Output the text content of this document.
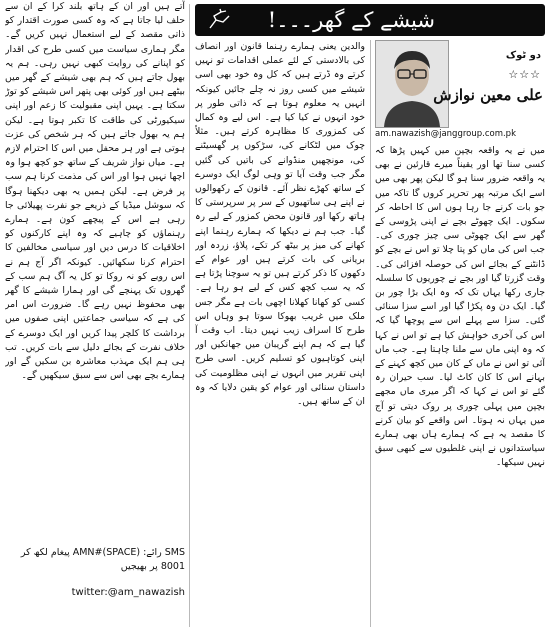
شیشے کے گھر۔۔۔!
دو ٹوک
☆☆☆
علی معین نوازش
am.nawazish@janggroup.com.pk

میں نے یہ واقعہ بچپن میں کہیں پڑھا کہ کسی سنا تھا اور یقیناً میرے قارئین نے بھی یہ واقعہ ضرور سنا ہو گا لیکن پھر بھی میں اسے ایک مرتبہ پھر تحریر کروں گا تاکہ میں جو بات کرنے جا رہا ہوں اس کا احاطہ کر سکوں۔ ایک چھوٹے بچے نے اپنی پڑوسی کے گھر سے ایک چھوٹی سی چیز چوری کی۔ جب اس کی ماں کو پتا چلا تو اس نے بچے کو ڈانٹنے کے بجائے اس کی حوصلہ افزائی کی۔ وقت گزرتا گیا اور بچے نے چوریوں کا سلسلہ جاری رکھا یہاں تک کہ وہ ایک بڑا چور بن گیا۔ ایک دن وہ پکڑا گیا اور اسے سزا سنائی گئی۔ سزا سے پہلے اس سے پوچھا گیا کہ اس کی آخری خواہش کیا ہے تو اس نے کہا کہ وہ اپنی ماں سے ملنا چاہتا ہے۔ جب ماں آئی تو اس نے ماں کے کان میں کچھ کہنے کے بہانے اس کا کان کاٹ لیا۔ سب حیران رہ گئے تو اس نے کہا کہ اگر میری ماں مجھے بچپن میں پہلی چوری پر روک دیتی تو آج میں یہاں نہ ہوتا۔ اس واقعے کو بیان کرنے کا مقصد یہ ہے کہ ہمارے ہاں بھی ہمارے سیاستدانوں نے اپنی غلطیوں سے کبھی سبق نہیں سیکھا۔

والدین یعنی ہمارے رہنما قانون اور انصاف کی بالادستی کے لئے عملی اقدامات تو نہیں کرتے وہ ڈرتے ہیں کہ کل وہ خود بھی اسی شیشے میں کسی روز نہ چلے جائیں کیونکہ انہیں یہ معلوم ہوتا ہے کہ ذاتی طور پر خود انہوں نے کیا کیا ہے۔ اس لیے وہ کمال کی کمزوری کا مظاہرہ کرتے ہیں۔ مثلاً چوک میں لٹکانے کی، سڑکوں پر گھسیٹنے کی، مونچھیں منڈوانے کی باتیں کی گئیں مگر جب وقت آیا تو وہی لوگ ایک دوسرے کے ساتھ کھڑے نظر آئے۔ قانون کے رکھوالوں نے اپنے ہی ساتھیوں کے سر پر سرپرستی کا ہاتھ رکھا اور قانون محض کمزور کے لیے رہ گیا۔ جب ہم نے دیکھا کہ ہمارے رہنما اپنے کھانے کی میز پر بیٹھ کر تکے، پلاؤ، زردہ اور بریانی کی بات کرتے ہیں اور عوام کے دکھوں کا ذکر کرتے ہیں تو یہ سوچنا پڑتا ہے کہ یہ سب کچھ کس کے لیے ہو رہا ہے۔ کسی کو کھانا کھلانا اچھی بات ہے مگر جس ملک میں غریب بھوکا سوتا ہو وہاں اس طرح کا اسراف زیب نہیں دیتا۔ اب وقت آ گیا ہے کہ ہم اپنے گریبان میں جھانکیں اور اپنی کوتاہیوں کو تسلیم کریں۔ اسی طرح اپنی تقریر میں انہوں نے اپنی مظلومیت کی داستان سنائی اور عوام کو یقین دلایا کہ وہ ان کے ساتھ ہیں۔

آتے ہیں اور ان کے ہاتھ بلند کرا کے ان سے حلف لیا جاتا ہے کہ وہ کسی صورت اقتدار کو ذاتی مقصد کے لیے استعمال نہیں کریں گے۔ مگر ہماری سیاست میں کسی طرح کی اقدار کو اپنانے کی روایت کبھی نہیں رہی۔ ہم یہ بھول جاتے ہیں کہ ہم بھی شیشے کے گھر میں بیٹھے ہیں اور کوئی بھی پتھر اس شیشے کو توڑ سکتا ہے۔ یہیں اپنی مقبولیت کا زعم اور اپنی سیکیورٹی کی طاقت کا تکبر ہوتا ہے۔ لیکن ہم یہ بھول جاتے ہیں کہ ہر شخص کی عزت ہوتی ہے اور ہر محفل میں اس کا احترام لازم ہے۔ میاں نواز شریف کے ساتھ جو کچھ ہوا وہ اچھا نہیں ہوا اور اس کی مذمت کرنا ہم سب پر فرض ہے۔ لیکن ہمیں یہ بھی دیکھنا ہوگا کہ سوشل میڈیا کے ذریعے جو نفرت پھیلائی جا رہی ہے اس کے پیچھے کون ہے۔ ہمارے رہنماؤں کو چاہیے کہ وہ اپنے کارکنوں کو اخلاقیات کا درس دیں اور سیاسی مخالفین کا احترام کرنا سکھائیں۔ کیونکہ اگر آج ہم نے اس رویے کو نہ روکا تو کل یہ آگ ہم سب کے گھروں تک پہنچے گی اور ہمارا شیشے کا گھر بھی محفوظ نہیں رہے گا۔ ضرورت اس امر کی ہے کہ سیاسی جماعتیں اپنی صفوں میں برداشت کا کلچر پیدا کریں اور ایک دوسرے کے خلاف نفرت کے بجائے دلیل سے بات کریں۔ تب ہی ہم ایک مہذب معاشرہ بن سکیں گے اور ہمارے بچے بھی اس سے سبق سیکھیں گے۔

SMS رائے: (SPACE)#AMN پیغام لکھ کر 8001 پر بھیجیں
twitter:@am_nawazish
